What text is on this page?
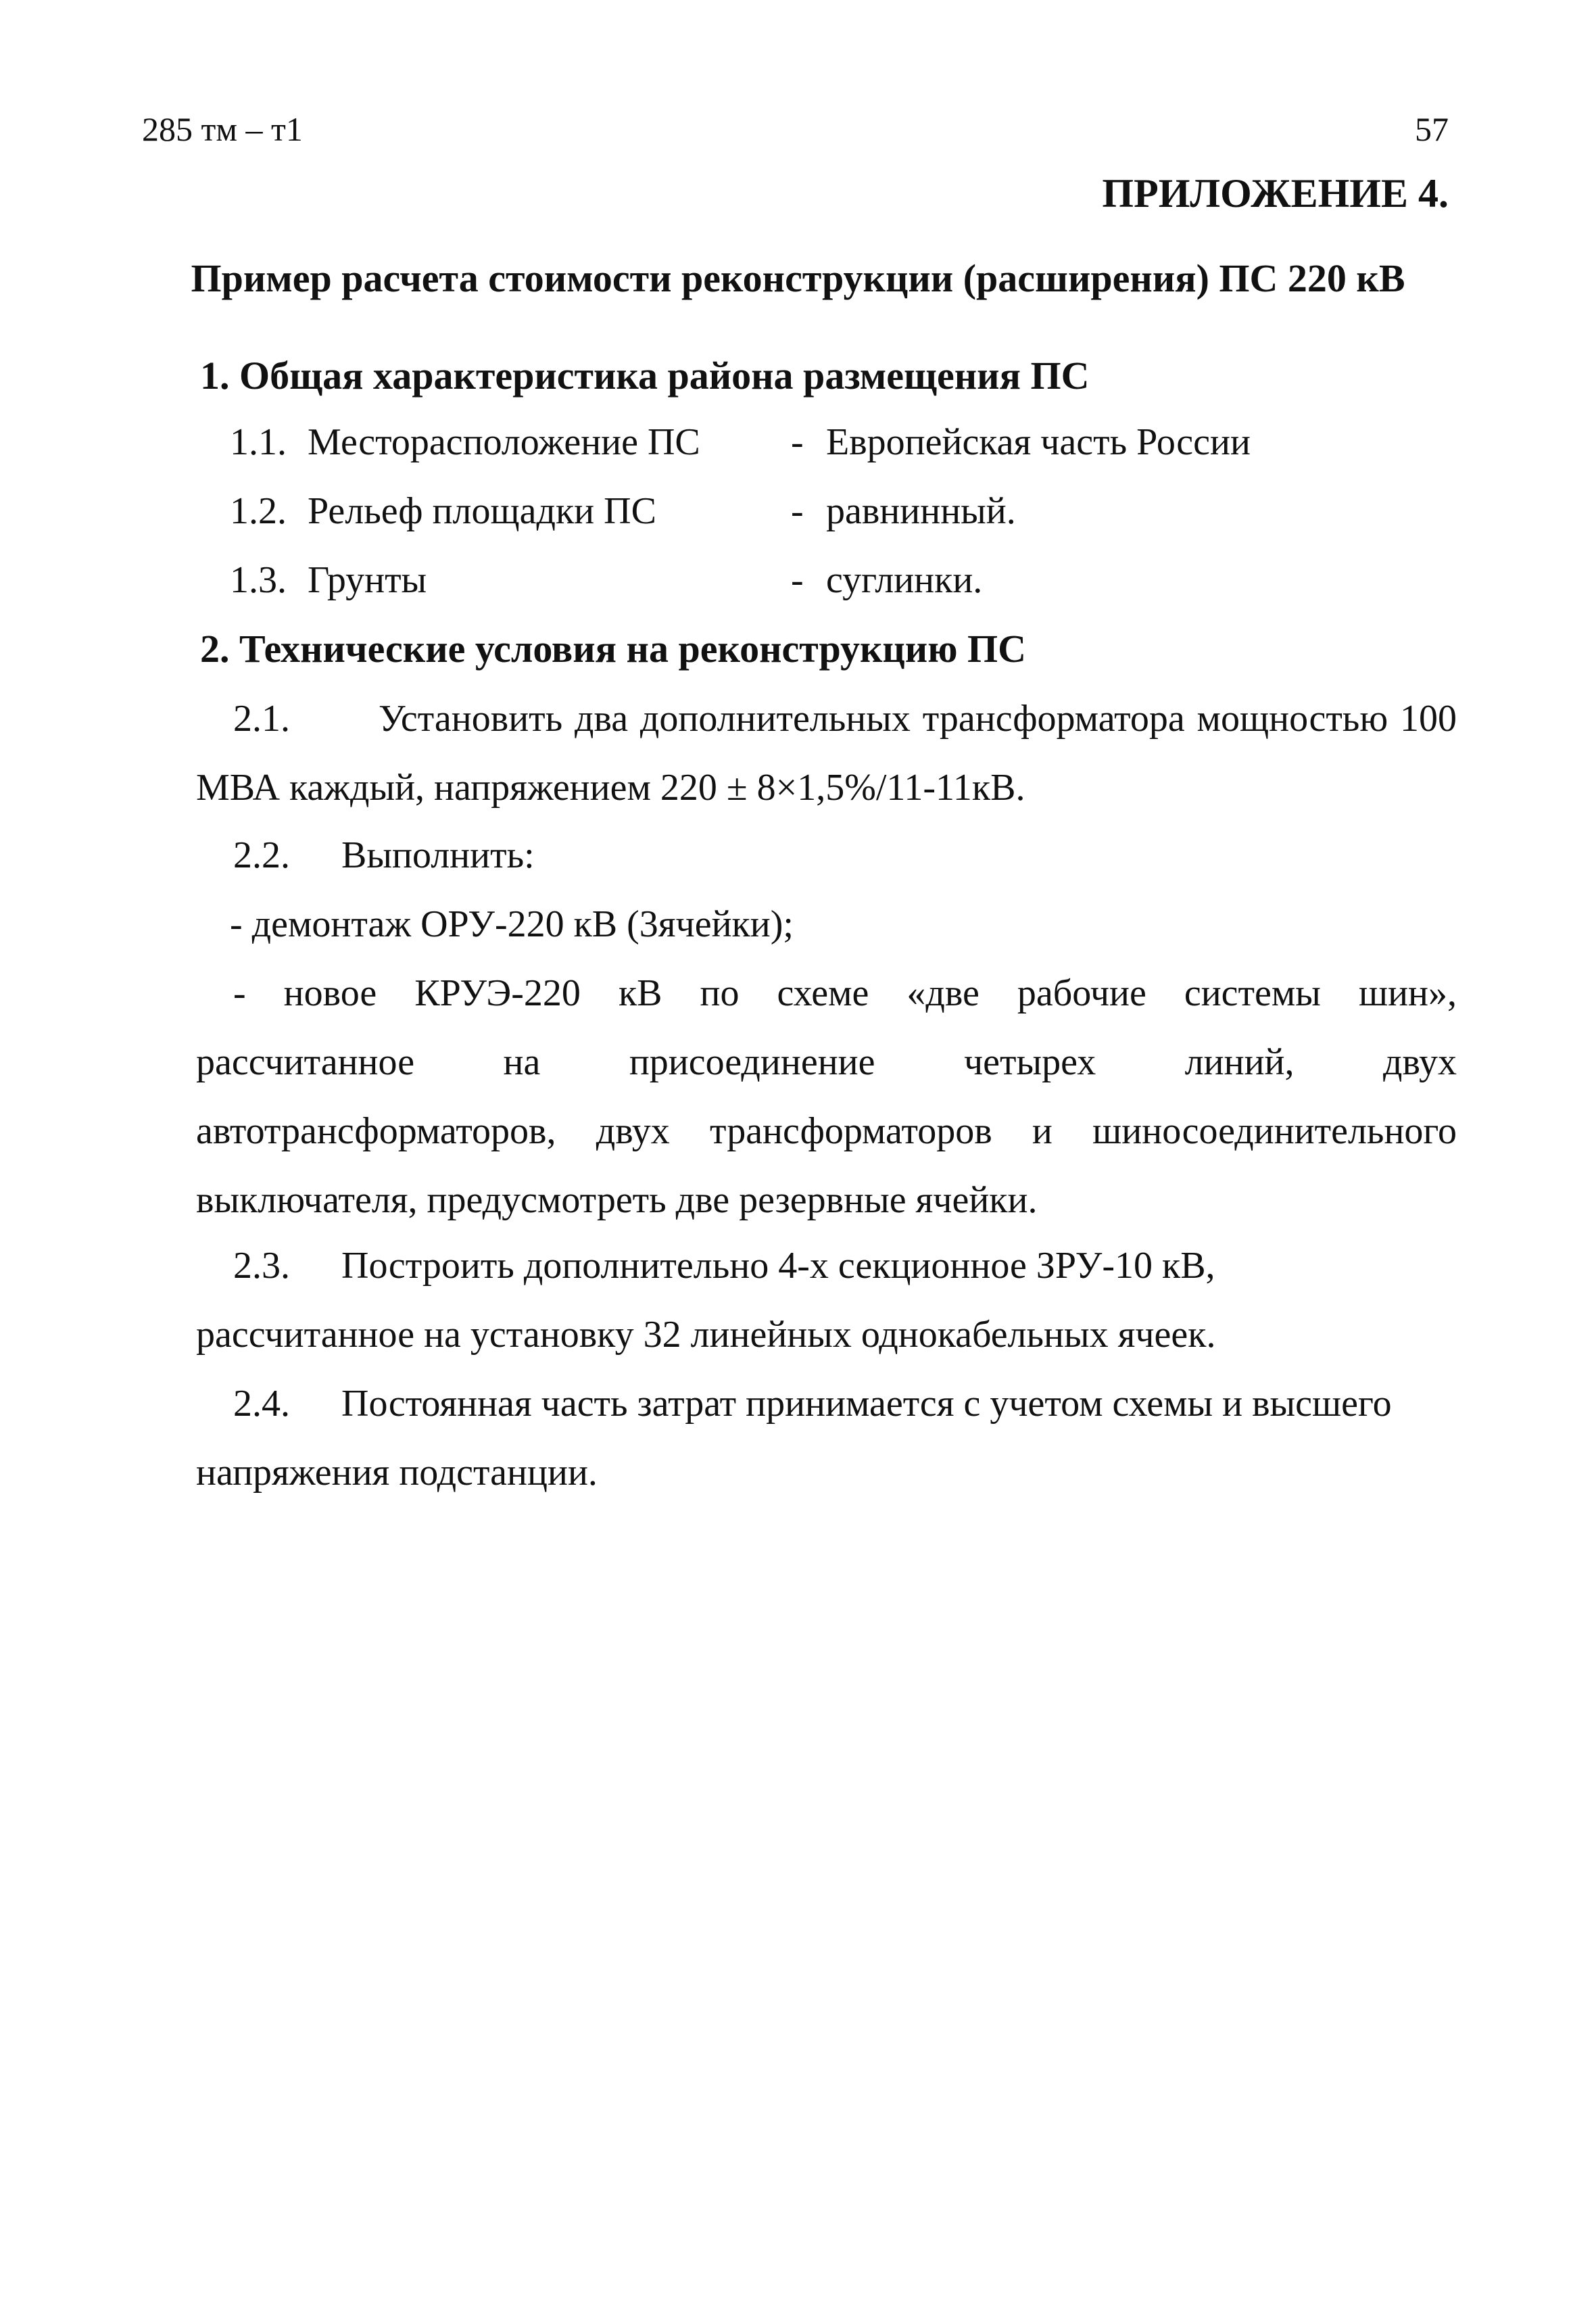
285 тм – т1	57
ПРИЛОЖЕНИЕ 4.
Пример расчета стоимости реконструкции (расширения) ПС 220 кВ
1. Общая характеристика района размещения ПС
1.1. Месторасположение ПС - Европейская часть России
1.2. Рельеф площадки ПС	- равнинный.
1.3. Грунты	- суглинки.
2. Технические условия на реконструкцию ПС
2.1. Установить два дополнительных трансформатора мощностью 100
МВА каждый, напряжением 220 ± 8×1,5%/11-11кВ.
2.2. Выполнить:
- демонтаж ОРУ-220 кВ (3ячейки);
- новое КРУЭ-220 кВ по схеме «две рабочие системы шин»,
рассчитанное на присоединение четырех линий, двух
автотрансформаторов, двух трансформаторов и шиносоединительного
выключателя, предусмотреть две резервные ячейки.
2.3. Построить дополнительно 4-х секционное ЗРУ-10 кВ,
рассчитанное на установку 32 линейных однокабельных ячеек.
2.4. Постоянная часть затрат принимается с учетом схемы и высшего
напряжения подстанции.
